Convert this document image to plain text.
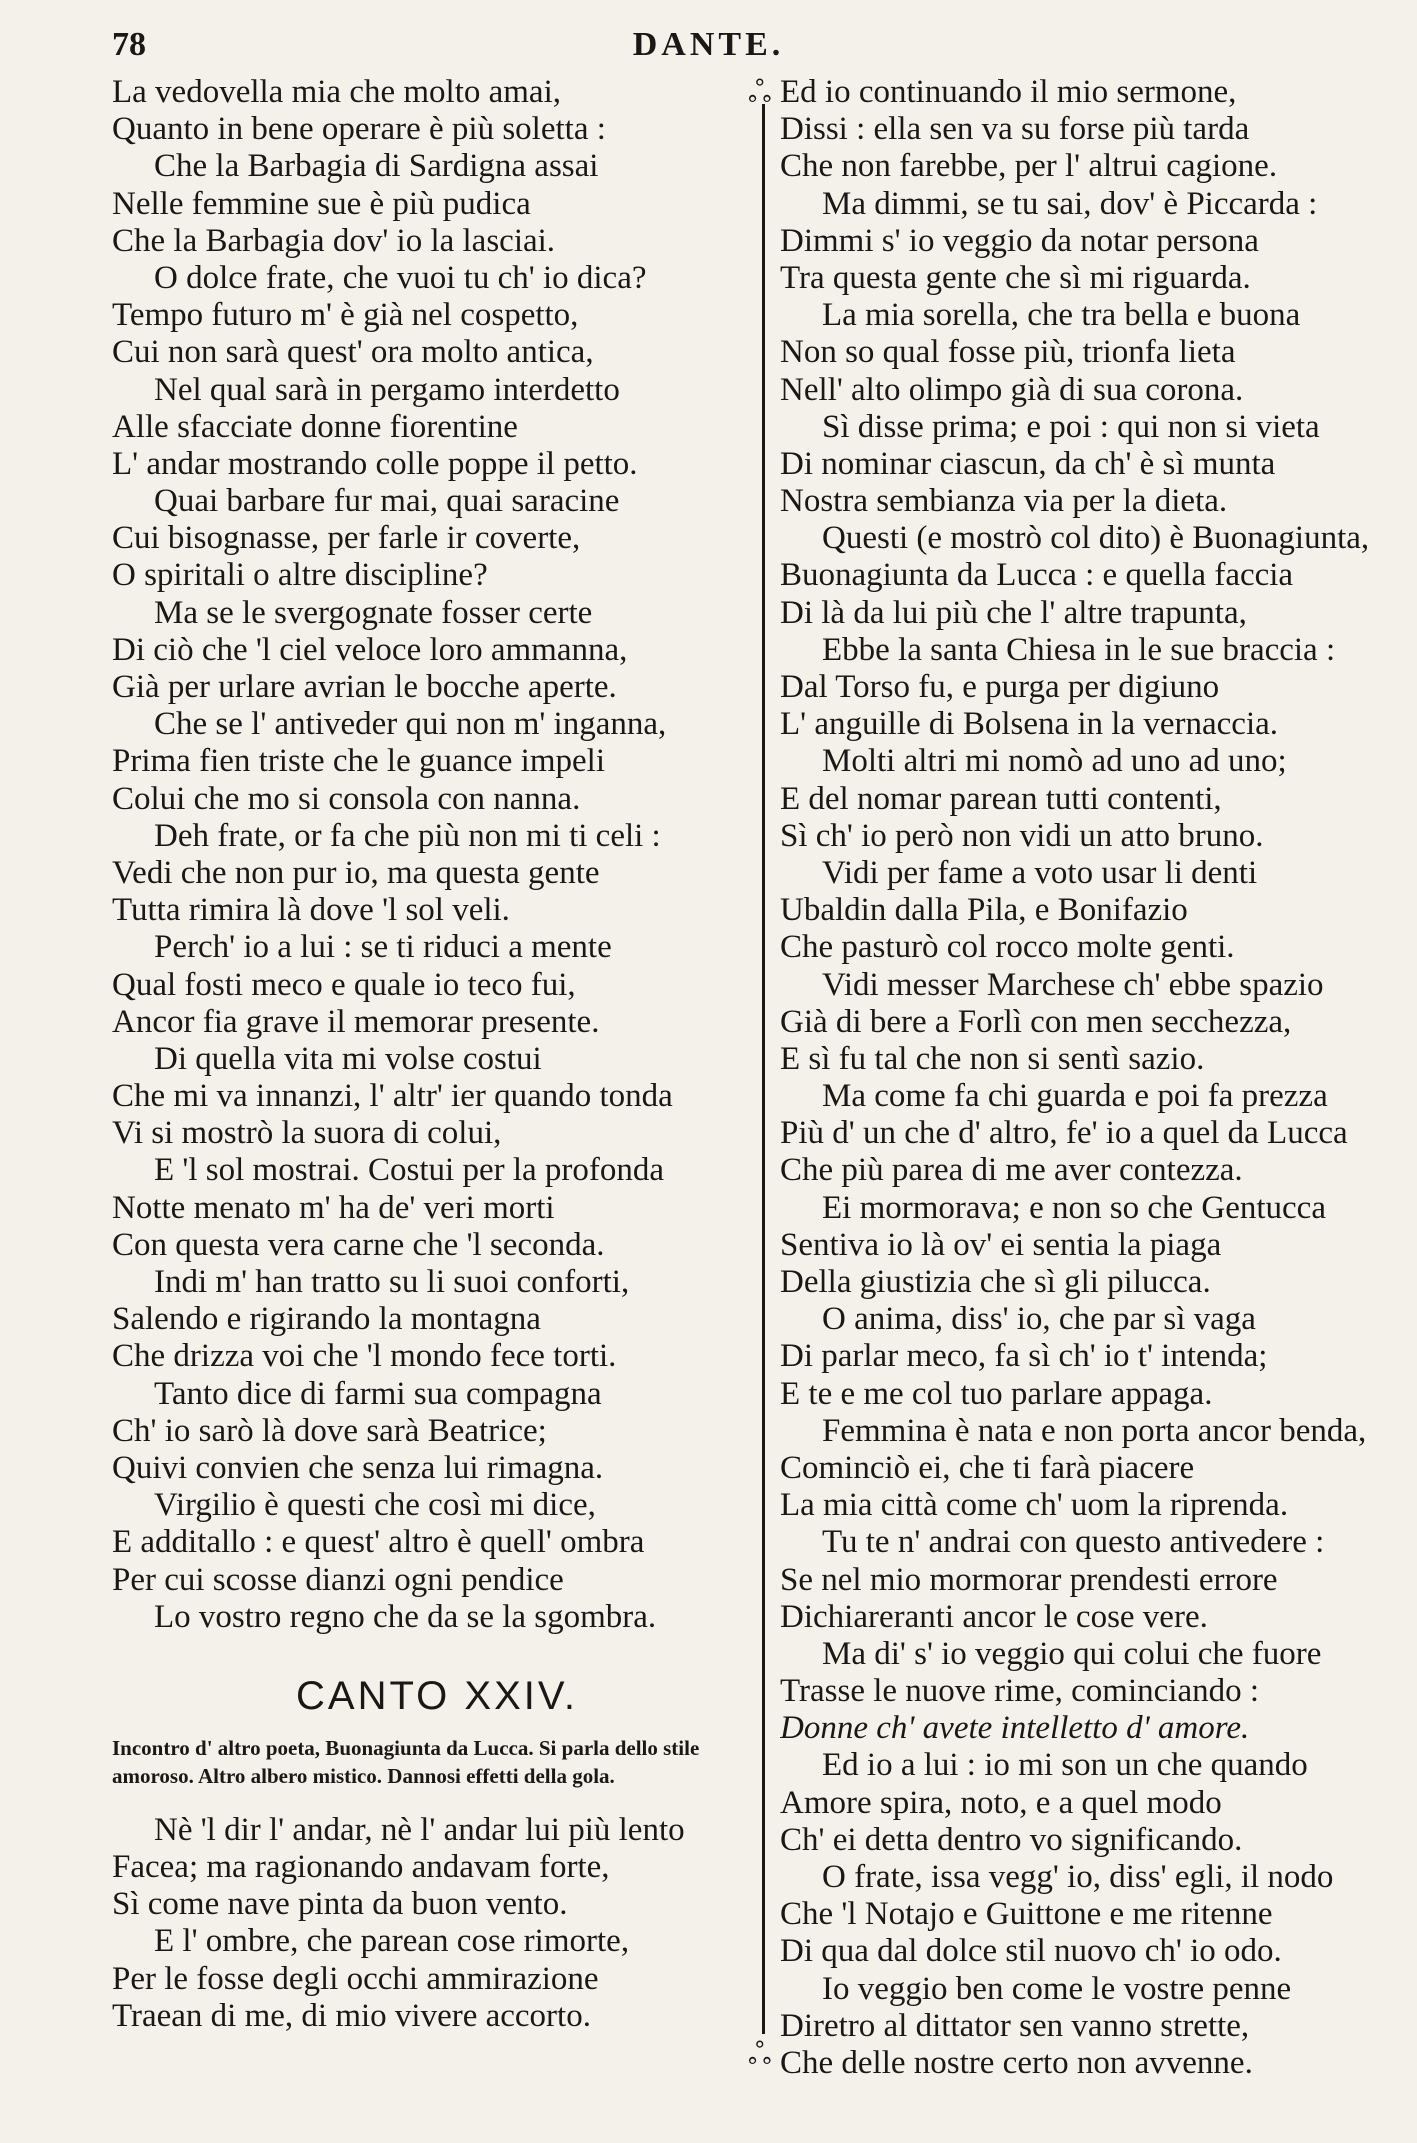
78	DANTE.
ஃ
ஃ
La vedovella mia che molto amai,
Quanto in bene operare è più soletta :
Che la Barbagia di Sardigna assai
Nelle femmine sue è più pudica
Che la Barbagia dov' io la lasciai.
O dolce frate, che vuoi tu ch' io dica?
Tempo futuro m' è già nel cospetto,
Cui non sarà quest' ora molto antica,
Nel qual sarà in pergamo interdetto
Alle sfacciate donne fiorentine
L' andar mostrando colle poppe il petto.
Quai barbare fur mai, quai saracine
Cui bisognasse, per farle ir coverte,
O spiritali o altre discipline?
Ma se le svergognate fosser certe
Di ciò che 'l ciel veloce loro ammanna,
Già per urlare avrian le bocche aperte.
Che se l' antiveder qui non m' inganna,
Prima fien triste che le guance impeli
Colui che mo si consola con nanna.
Deh frate, or fa che più non mi ti celi :
Vedi che non pur io, ma questa gente
Tutta rimira là dove 'l sol veli.
Perch' io a lui : se ti riduci a mente
Qual fosti meco e quale io teco fui,
Ancor fia grave il memorar presente.
Di quella vita mi volse costui
Che mi va innanzi, l' altr' ier quando tonda
Vi si mostrò la suora di colui,
E 'l sol mostrai. Costui per la profonda
Notte menato m' ha de' veri morti
Con questa vera carne che 'l seconda.
Indi m' han tratto su li suoi conforti,
Salendo e rigirando la montagna
Che drizza voi che 'l mondo fece torti.
Tanto dice di farmi sua compagna
Ch' io sarò là dove sarà Beatrice;
Quivi convien che senza lui rimagna.
Virgilio è questi che così mi dice,
E additallo : e quest' altro è quell' ombra
Per cui scosse dianzi ogni pendice
Lo vostro regno che da se la sgombra.
CANTO XXIV.
Incontro d' altro poeta, Buonagiunta da Lucca. Si parla dello stile amoroso. Altro albero mistico. Dannosi effetti della gola.
Nè 'l dir l' andar, nè l' andar lui più lento
Facea; ma ragionando andavam forte,
Sì come nave pinta da buon vento.
E l' ombre, che parean cose rimorte,
Per le fosse degli occhi ammirazione
Traean di me, di mio vivere accorto.
Ed io continuando il mio sermone,
Dissi : ella sen va su forse più tarda
Che non farebbe, per l' altrui cagione.
Ma dimmi, se tu sai, dov' è Piccarda :
Dimmi s' io veggio da notar persona
Tra questa gente che sì mi riguarda.
La mia sorella, che tra bella e buona
Non so qual fosse più, trionfa lieta
Nell' alto olimpo già di sua corona.
Sì disse prima; e poi : qui non si vieta
Di nominar ciascun, da ch' è sì munta
Nostra sembianza via per la dieta.
Questi (e mostrò col dito) è Buonagiunta,
Buonagiunta da Lucca : e quella faccia
Di là da lui più che l' altre trapunta,
Ebbe la santa Chiesa in le sue braccia :
Dal Torso fu, e purga per digiuno
L' anguille di Bolsena in la vernaccia.
Molti altri mi nomò ad uno ad uno;
E del nomar parean tutti contenti,
Sì ch' io però non vidi un atto bruno.
Vidi per fame a voto usar li denti
Ubaldin dalla Pila, e Bonifazio
Che pasturò col rocco molte genti.
Vidi messer Marchese ch' ebbe spazio
Già di bere a Forlì con men secchezza,
E sì fu tal che non si sentì sazio.
Ma come fa chi guarda e poi fa prezza
Più d' un che d' altro, fe' io a quel da Lucca
Che più parea di me aver contezza.
Ei mormorava; e non so che Gentucca
Sentiva io là ov' ei sentia la piaga
Della giustizia che sì gli pilucca.
O anima, diss' io, che par sì vaga
Di parlar meco, fa sì ch' io t' intenda;
E te e me col tuo parlare appaga.
Femmina è nata e non porta ancor benda,
Cominciò ei, che ti farà piacere
La mia città come ch' uom la riprenda.
Tu te n' andrai con questo antivedere :
Se nel mio mormorar prendesti errore
Dichiareranti ancor le cose vere.
Ma di' s' io veggio qui colui che fuore
Trasse le nuove rime, cominciando :
Donne ch' avete intelletto d' amore.
Ed io a lui : io mi son un che quando
Amore spira, noto, e a quel modo
Ch' ei detta dentro vo significando.
O frate, issa vegg' io, diss' egli, il nodo
Che 'l Notajo e Guittone e me ritenne
Di qua dal dolce stil nuovo ch' io odo.
Io veggio ben come le vostre penne
Diretro al dittator sen vanno strette,
Che delle nostre certo non avvenne.
